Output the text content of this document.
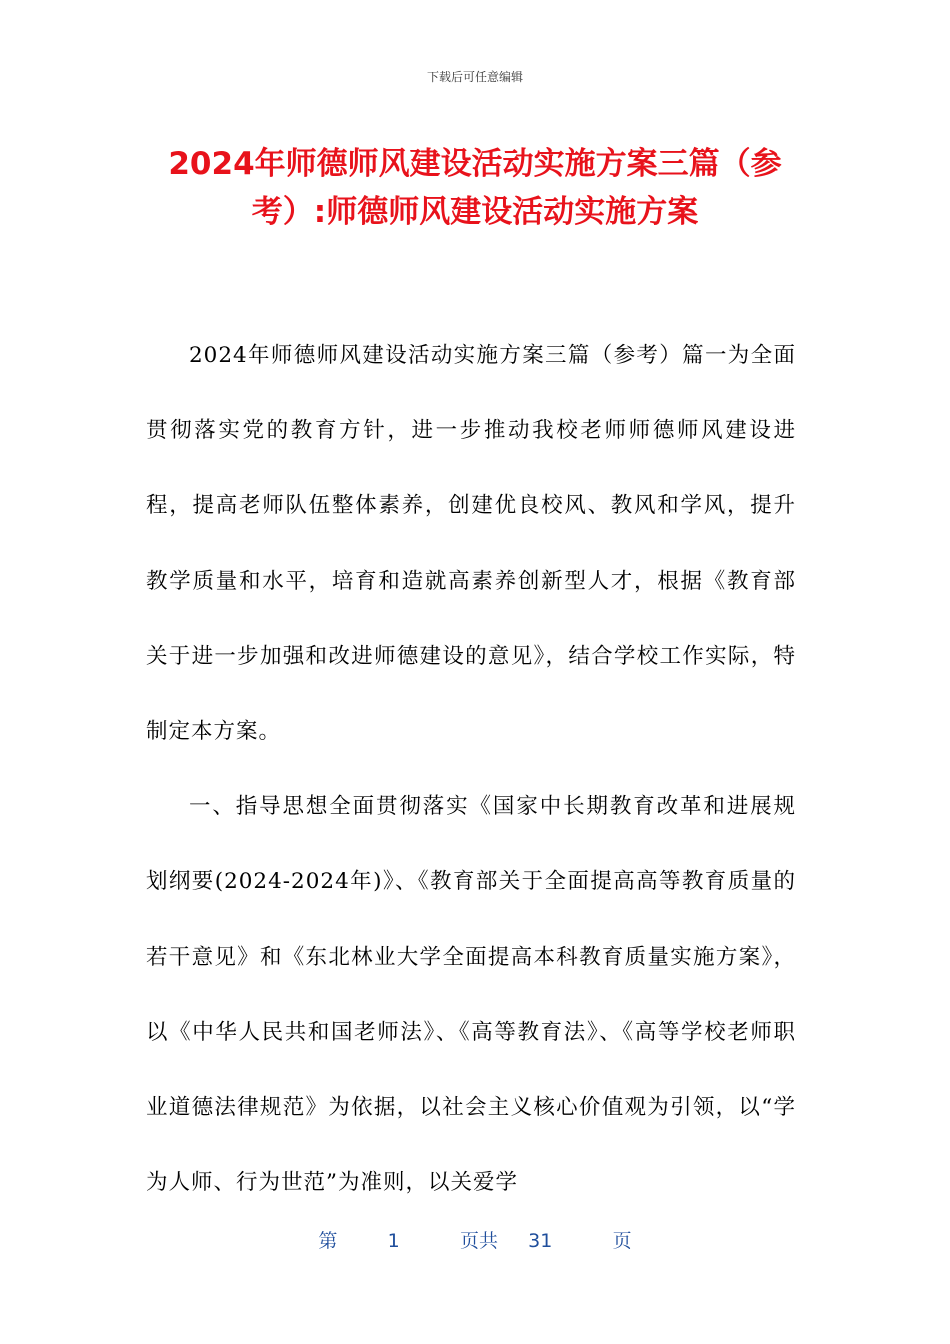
下载后可任意编辑
2024年师德师风建设活动实施方案三篇（参考）:师德师风建设活动实施方案

2024年师德师风建设活动实施方案三篇（参考）篇一为全面贯彻落实党的教育方针，进一步推动我校老师师德师风建设进程，提高老师队伍整体素养，创建优良校风、教风和学风，提升教学质量和水平，培育和造就高素养创新型人才，根据《教育部关于进一步加强和改进师德建设的意见》，结合学校工作实际，特制定本方案。

一、指导思想全面贯彻落实《国家中长期教育改革和进展规划纲要(2024-2024年)》、《教育部关于全面提高高等教育质量的若干意见》和《东北林业大学全面提高本科教育质量实施方案》，以《中华人民共和国老师法》、《高等教育法》、《高等学校老师职业道德法律规范》为依据，以社会主义核心价值观为引领，以“学为人师、行为世范”为准则，以关爱学

第	1	页共 31	页
